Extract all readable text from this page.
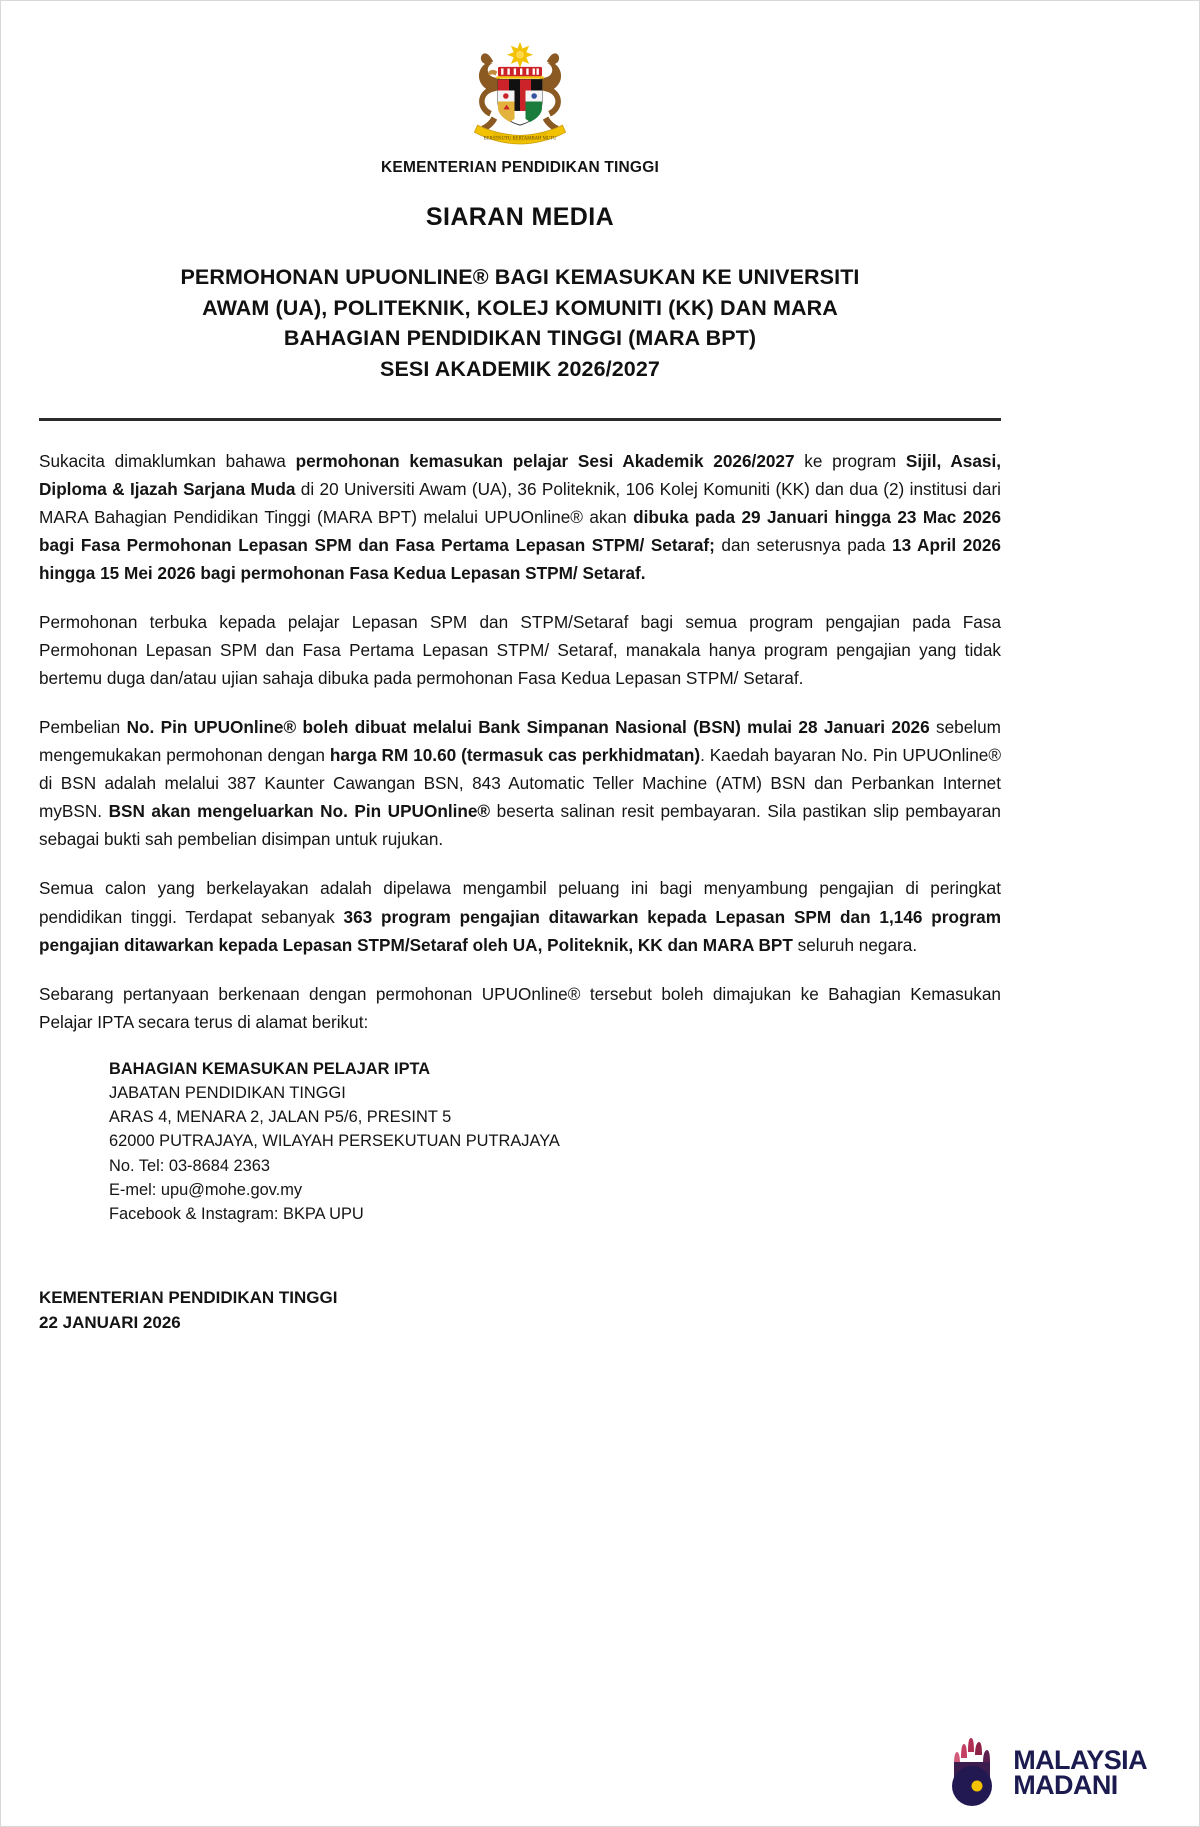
BERSEKUTU BERTAMBAH MUTU
KEMENTERIAN PENDIDIKAN TINGGI
SIARAN MEDIA
PERMOHONAN UPUONLINE® BAGI KEMASUKAN KE UNIVERSITI
AWAM (UA), POLITEKNIK, KOLEJ KOMUNITI (KK) DAN MARA
BAHAGIAN PENDIDIKAN TINGGI (MARA BPT)
SESI AKADEMIK 2026/2027

Sukacita dimaklumkan bahawa permohonan kemasukan pelajar Sesi Akademik 2026/2027 ke program Sijil, Asasi, Diploma & Ijazah Sarjana Muda di 20 Universiti Awam (UA), 36 Politeknik, 106 Kolej Komuniti (KK) dan dua (2) institusi dari MARA Bahagian Pendidikan Tinggi (MARA BPT) melalui UPUOnline® akan dibuka pada 29 Januari hingga 23 Mac 2026 bagi Fasa Permohonan Lepasan SPM dan Fasa Pertama Lepasan STPM/ Setaraf; dan seterusnya pada 13 April 2026 hingga 15 Mei 2026 bagi permohonan Fasa Kedua Lepasan STPM/ Setaraf.

Permohonan terbuka kepada pelajar Lepasan SPM dan STPM/Setaraf bagi semua program pengajian pada Fasa Permohonan Lepasan SPM dan Fasa Pertama Lepasan STPM/ Setaraf, manakala hanya program pengajian yang tidak bertemu duga dan/atau ujian sahaja dibuka pada permohonan Fasa Kedua Lepasan STPM/ Setaraf.

Pembelian No. Pin UPUOnline® boleh dibuat melalui Bank Simpanan Nasional (BSN) mulai 28 Januari 2026 sebelum mengemukakan permohonan dengan harga RM 10.60 (termasuk cas perkhidmatan). Kaedah bayaran No. Pin UPUOnline® di BSN adalah melalui 387 Kaunter Cawangan BSN, 843 Automatic Teller Machine (ATM) BSN dan Perbankan Internet myBSN. BSN akan mengeluarkan No. Pin UPUOnline® beserta salinan resit pembayaran. Sila pastikan slip pembayaran sebagai bukti sah pembelian disimpan untuk rujukan.

Semua calon yang berkelayakan adalah dipelawa mengambil peluang ini bagi menyambung pengajian di peringkat pendidikan tinggi. Terdapat sebanyak 363 program pengajian ditawarkan kepada Lepasan SPM dan 1,146 program pengajian ditawarkan kepada Lepasan STPM/Setaraf oleh UA, Politeknik, KK dan MARA BPT seluruh negara.

Sebarang pertanyaan berkenaan dengan permohonan UPUOnline® tersebut boleh dimajukan ke Bahagian Kemasukan Pelajar IPTA secara terus di alamat berikut:

BAHAGIAN KEMASUKAN PELAJAR IPTA
JABATAN PENDIDIKAN TINGGI
ARAS 4, MENARA 2, JALAN P5/6, PRESINT 5
62000 PUTRAJAYA, WILAYAH PERSEKUTUAN PUTRAJAYA
No. Tel: 03-8684 2363
E-mel: upu@mohe.gov.my
Facebook & Instagram: BKPA UPU
KEMENTERIAN PENDIDIKAN TINGGI
22 JANUARI 2026
MALAYSIA
MADANI
